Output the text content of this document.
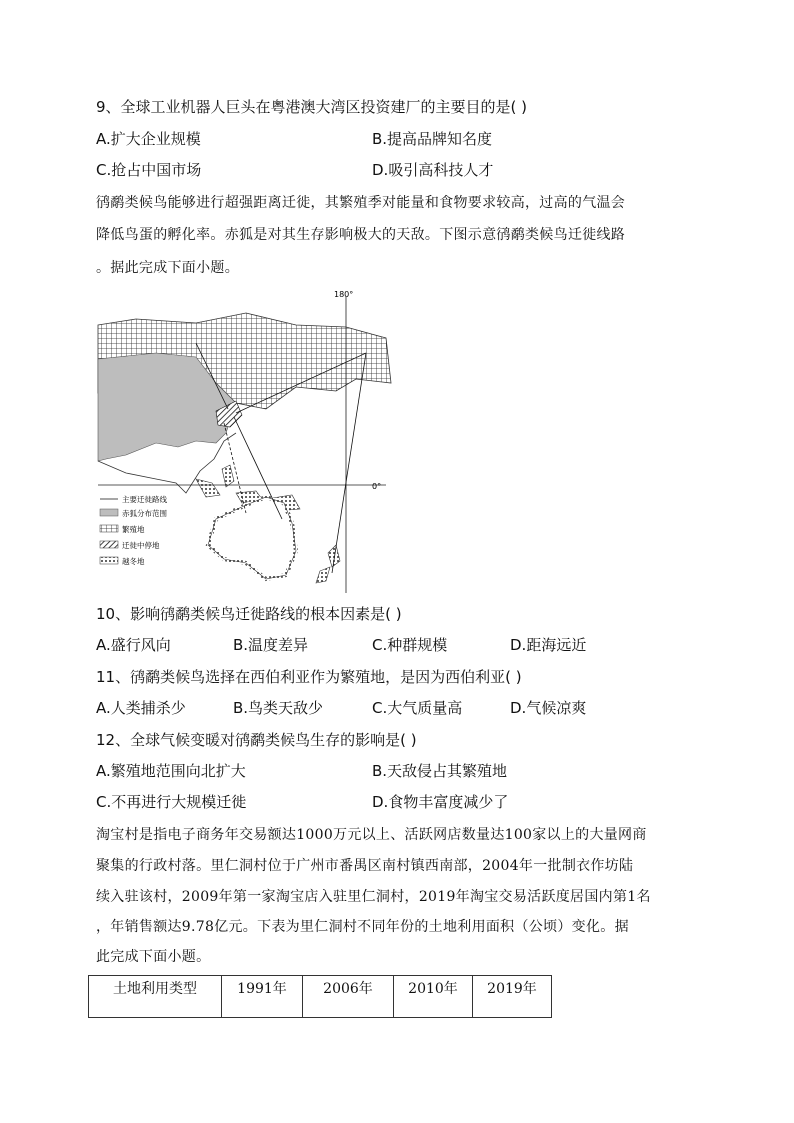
9、全球工业机器人巨头在粤港澳大湾区投资建厂的主要目的是( )
A.扩大企业规模	B.提高品牌知名度
C.抢占中国市场	D.吸引高科技人才
鸻鹬类候鸟能够进行超强距离迁徙，其繁殖季对能量和食物要求较高，过高的气温会
降低鸟蛋的孵化率。赤狐是对其生存影响极大的天敌。下图示意鸻鹬类候鸟迁徙线路
。据此完成下面小题。
180°
0°
主要迁徙路线
赤狐分布范围
繁殖地
迁徙中停地
越冬地
10、影响鸻鹬类候鸟迁徙路线的根本因素是( )
A.盛行风向	B.温度差异	C.种群规模	D.距海远近
11、鸻鹬类候鸟选择在西伯利亚作为繁殖地，是因为西伯利亚( )
A.人类捕杀少	B.鸟类天敌少	C.大气质量高	D.气候凉爽
12、全球气候变暖对鸻鹬类候鸟生存的影响是( )
A.繁殖地范围向北扩大	B.天敌侵占其繁殖地
C.不再进行大规模迁徙	D.食物丰富度减少了
淘宝村是指电子商务年交易额达1000万元以上、活跃网店数量达100家以上的大量网商
聚集的行政村落。里仁洞村位于广州市番禺区南村镇西南部，2004年一批制衣作坊陆
续入驻该村，2009年第一家淘宝店入驻里仁洞村，2019年淘宝交易活跃度居国内第1名
，年销售额达9.78亿元。下表为里仁洞村不同年份的土地利用面积（公顷）变化。据
此完成下面小题。
土地利用类型	1991年	2006年	2010年	2019年
